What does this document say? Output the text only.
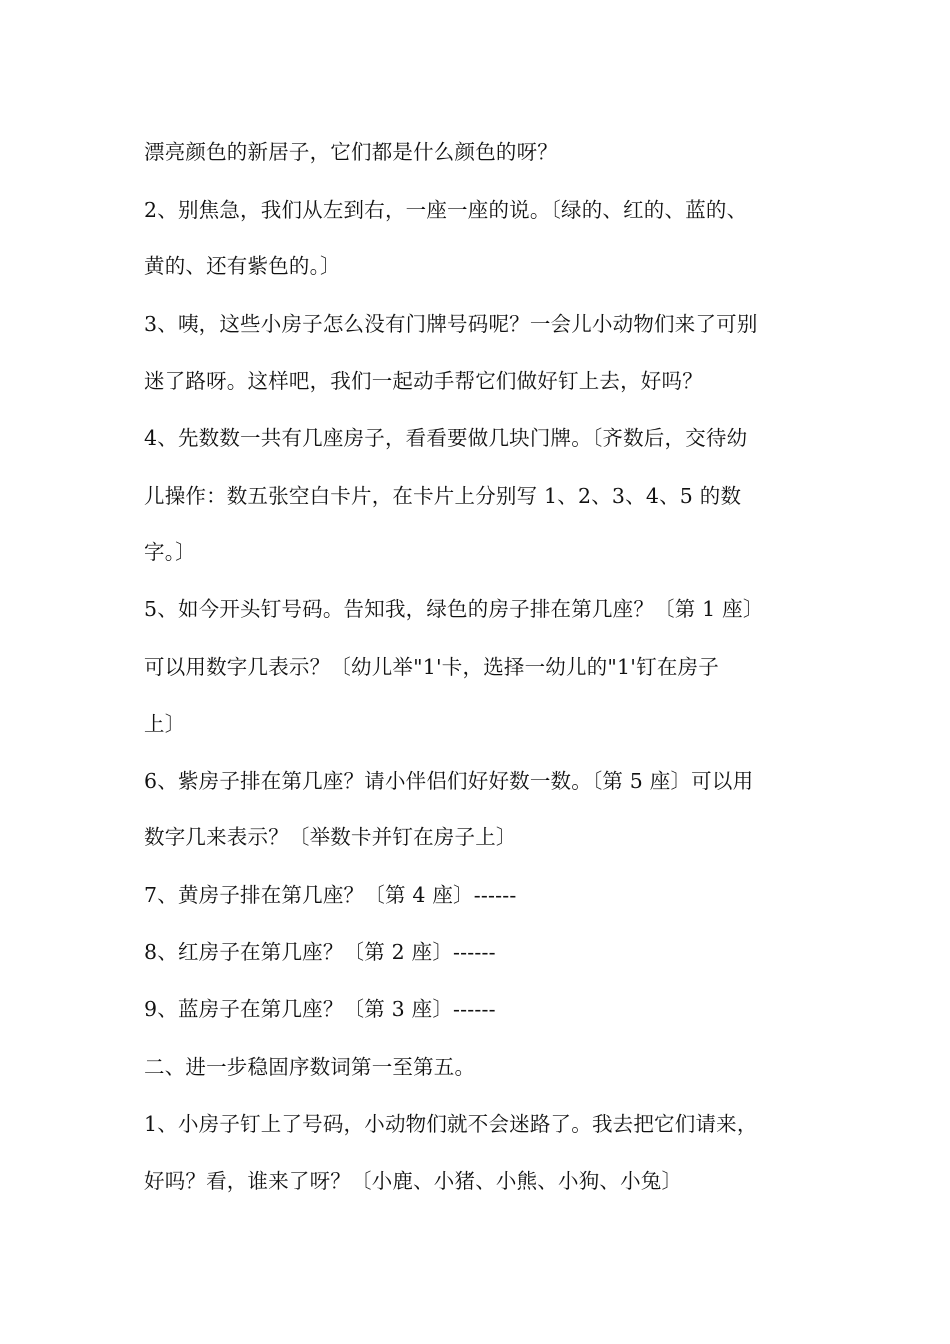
漂亮颜色的新居子，它们都是什么颜色的呀？
2、别焦急，我们从左到右，一座一座的说。〔绿的、红的、蓝的、
黄的、还有紫色的。〕
3、咦，这些小房子怎么没有门牌号码呢？一会儿小动物们来了可别
迷了路呀。这样吧，我们一起动手帮它们做好钉上去，好吗？
4、先数数一共有几座房子，看看要做几块门牌。〔齐数后，交待幼
儿操作：数五张空白卡片，在卡片上分别写 1、2、3、4、5 的数
字。〕
5、如今开头钉号码。告知我，绿色的房子排在第几座？〔第 1 座〕
可以用数字几表示？〔幼儿举"1'卡，选择一幼儿的"1'钉在房子
上〕
6、紫房子排在第几座？请小伴侣们好好数一数。〔第 5 座〕可以用
数字几来表示？〔举数卡并钉在房子上〕
7、黄房子排在第几座？〔第 4 座〕------
8、红房子在第几座？〔第 2 座〕------
9、蓝房子在第几座？〔第 3 座〕------
二、进一步稳固序数词第一至第五。
1、小房子钉上了号码，小动物们就不会迷路了。我去把它们请来，
好吗？看，谁来了呀？〔小鹿、小猪、小熊、小狗、小兔〕
